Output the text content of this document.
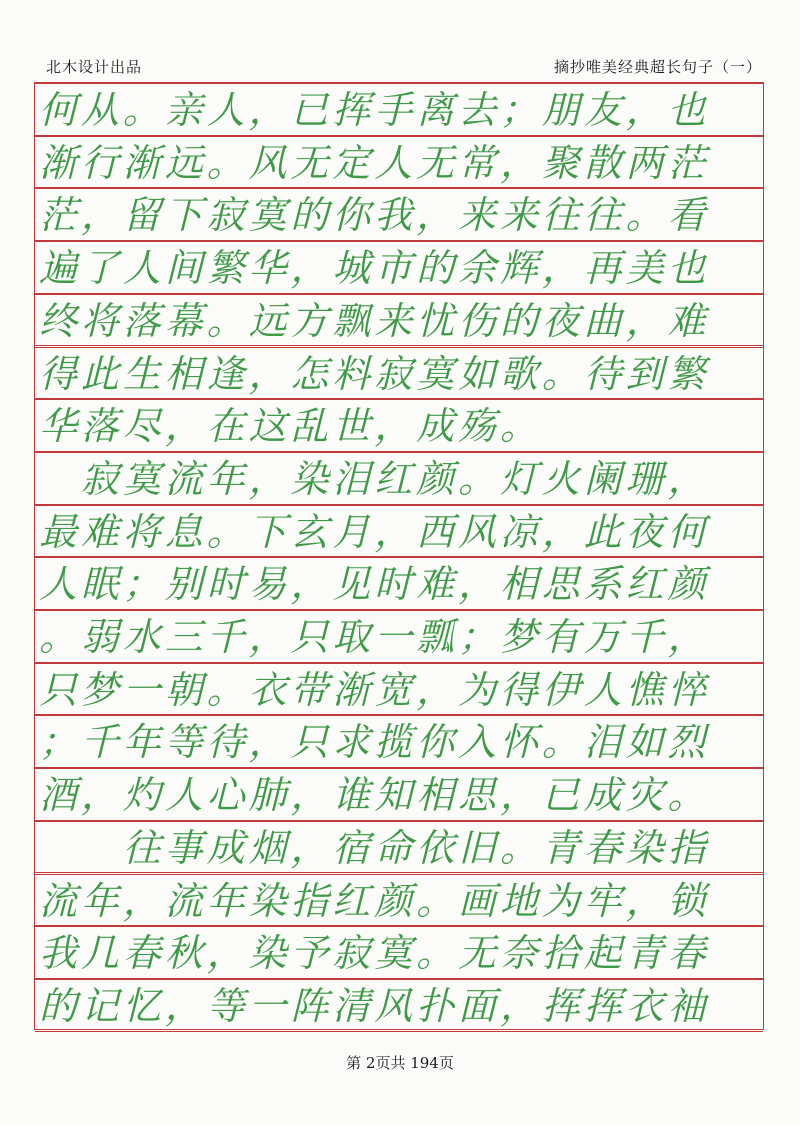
北木设计出品	摘抄唯美经典超长句子（一）
何从。亲人，已挥手离去；朋友，也
渐行渐远。风无定人无常，聚散两茫
茫，留下寂寞的你我，来来往往。看
遍了人间繁华，城市的余辉，再美也
终将落幕。远方飘来忧伤的夜曲，难
得此生相逢，怎料寂寞如歌。待到繁
华落尽，在这乱世，成殇。
　寂寞流年，染泪红颜。灯火阑珊，
最难将息。下玄月，西风凉，此夜何
人眠；别时易，见时难，相思系红颜
。弱水三千，只取一瓢；梦有万千，
只梦一朝。衣带渐宽，为得伊人憔悴
；千年等待，只求揽你入怀。泪如烈
酒，灼人心肺，谁知相思，已成灾。
　　往事成烟，宿命依旧。青春染指
流年，流年染指红颜。画地为牢，锁
我几春秋，染予寂寞。无奈拾起青春
的记忆，等一阵清风扑面，挥挥衣袖
第 2页共 194页
